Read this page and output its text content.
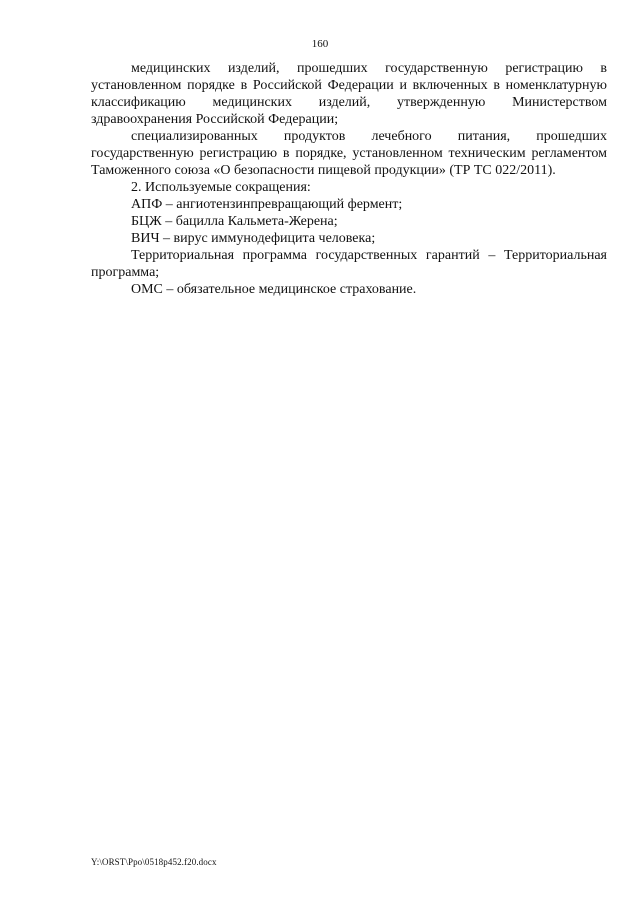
160

медицинских изделий, прошедших государственную регистрацию в установленном порядке в Российской Федерации и включенных в номенклатурную классификацию медицинских изделий, утвержденную Министерством здравоохранения Российской Федерации;

специализированных продуктов лечебного питания, прошедших государственную регистрацию в порядке, установленном техническим регламентом Таможенного союза «О безопасности пищевой продукции» (ТР ТС 022/2011).

2. Используемые сокращения:

АПФ – ангиотензинпревращающий фермент;

БЦЖ – бацилла Кальмета-Жерена;

ВИЧ – вирус иммунодефицита человека;

Территориальная программа государственных гарантий – Территориальная программа;

ОМС – обязательное медицинское страхование.

Y:\ORST\Ppo\0518p452.f20.docx
